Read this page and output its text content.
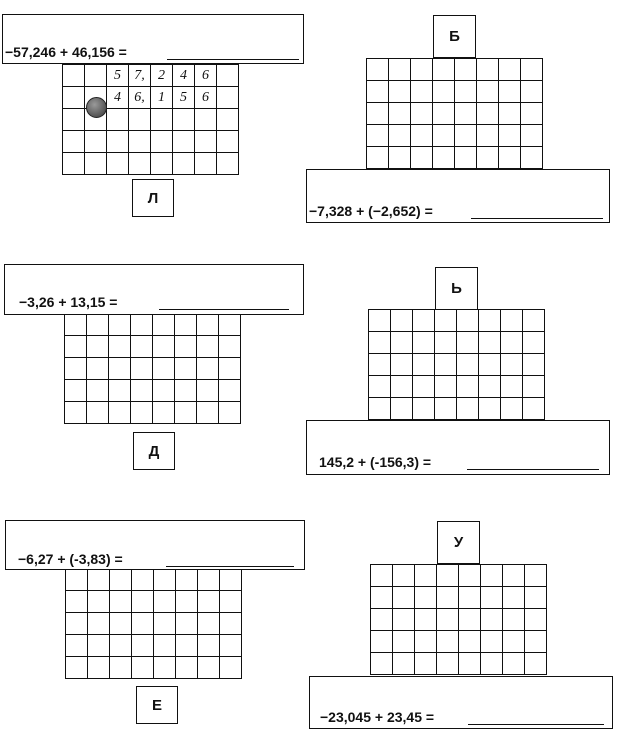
		5	7,	2	4	6	
		4	6,	1	5	6	

−57,246 + 46,156 =
Л
Б

−7,328 + (−2,652) =

−3,26 + 13,15 =
Д
Ь

145,2 + (-156,3) =

−6,27 + (-3,83) =
Е
У

−23,045 + 23,45 =
